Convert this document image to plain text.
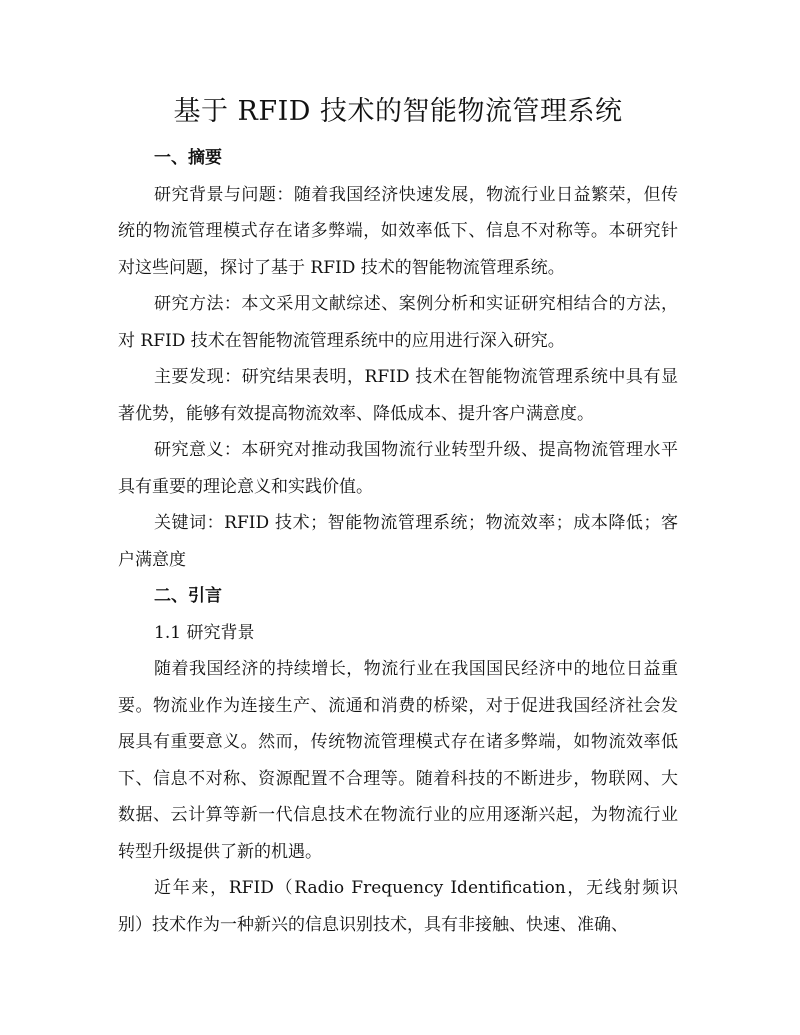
基于 RFID 技术的智能物流管理系统

一、摘要

研究背景与问题：随着我国经济快速发展，物流行业日益繁荣，但传统的物流管理模式存在诸多弊端，如效率低下、信息不对称等。本研究针对这些问题，探讨了基于 RFID 技术的智能物流管理系统。

研究方法：本文采用文献综述、案例分析和实证研究相结合的方法，对 RFID 技术在智能物流管理系统中的应用进行深入研究。

主要发现：研究结果表明，RFID 技术在智能物流管理系统中具有显著优势，能够有效提高物流效率、降低成本、提升客户满意度。

研究意义：本研究对推动我国物流行业转型升级、提高物流管理水平具有重要的理论意义和实践价值。

关键词：RFID 技术；智能物流管理系统；物流效率；成本降低；客户满意度

二、引言

1.1 研究背景

随着我国经济的持续增长，物流行业在我国国民经济中的地位日益重要。物流业作为连接生产、流通和消费的桥梁，对于促进我国经济社会发展具有重要意义。然而，传统物流管理模式存在诸多弊端，如物流效率低下、信息不对称、资源配置不合理等。随着科技的不断进步，物联网、大数据、云计算等新一代信息技术在物流行业的应用逐渐兴起，为物流行业转型升级提供了新的机遇。

近年来，RFID（Radio Frequency Identification，无线射频识别）技术作为一种新兴的信息识别技术，具有非接触、快速、准确、
